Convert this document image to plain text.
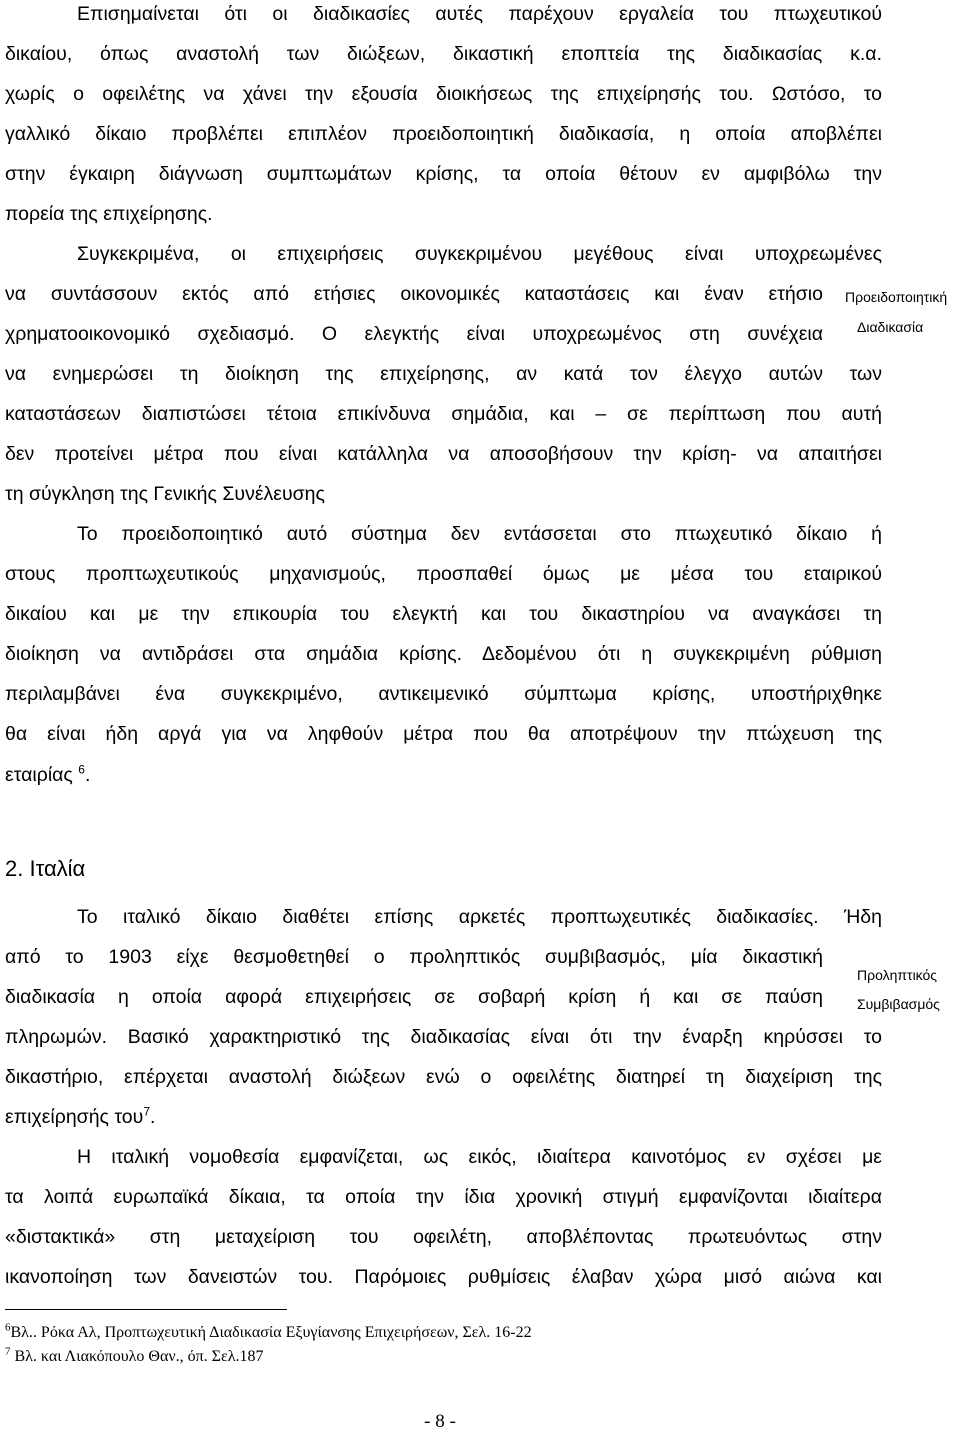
Επισημαίνεται ότι οι διαδικασίες αυτές παρέχουν εργαλεία του πτωχευτικού
δικαίου, όπως αναστολή των διώξεων, δικαστική εποπτεία της διαδικασίας κ.α.
χωρίς ο οφειλέτης να χάνει την εξουσία διοικήσεως της επιχείρησής του. Ωστόσο, το
γαλλικό δίκαιο προβλέπει επιπλέον προειδοποιητική διαδικασία, η οποία αποβλέπει
στην έγκαιρη διάγνωση συμπτωμάτων κρίσης, τα οποία θέτουν εν αμφιβόλω την
πορεία της επιχείρησης.
Συγκεκριμένα, οι επιχειρήσεις συγκεκριμένου μεγέθους είναι υποχρεωμένες
να συντάσσουν εκτός από ετήσιες οικονομικές καταστάσεις και έναν ετήσιο
χρηματοοικονομικό σχεδιασμό. Ο ελεγκτής είναι υποχρεωμένος στη συνέχεια
να ενημερώσει τη διοίκηση της επιχείρησης, αν κατά τον έλεγχο αυτών των
καταστάσεων διαπιστώσει τέτοια επικίνδυνα σημάδια, και – σε περίπτωση που αυτή
δεν προτείνει μέτρα που είναι κατάλληλα να αποσοβήσουν την κρίση- να απαιτήσει
τη σύγκληση της Γενικής Συνέλευσης
Προειδοποιητική
Διαδικασία
Το προειδοποιητικό αυτό σύστημα δεν εντάσσεται στο πτωχευτικό δίκαιο ή
στους προπτωχευτικούς μηχανισμούς, προσπαθεί όμως με μέσα του εταιρικού
δικαίου και με την επικουρία του ελεγκτή και του δικαστηρίου να αναγκάσει τη
διοίκηση να αντιδράσει στα σημάδια κρίσης. Δεδομένου ότι η συγκεκριμένη ρύθμιση
περιλαμβάνει ένα συγκεκριμένο, αντικειμενικό σύμπτωμα κρίσης, υποστήριχθηκε
θα είναι ήδη αργά για να ληφθούν μέτρα που θα αποτρέψουν την πτώχευση της
εταιρίας $^6$.
2. Ιταλία
Το ιταλικό δίκαιο διαθέτει επίσης αρκετές προπτωχευτικές διαδικασίες. Ήδη
από το 1903 είχε θεσμοθετηθεί ο προληπτικός συμβιβασμός, μία δικαστική
διαδικασία η οποία αφορά επιχειρήσεις σε σοβαρή κρίση ή και σε παύση
πληρωμών. Βασικό χαρακτηριστικό της διαδικασίας είναι ότι την έναρξη κηρύσσει το
δικαστήριο, επέρχεται αναστολή διώξεων ενώ ο οφειλέτης διατηρεί τη διαχείριση της
επιχείρησής του$^7$.
Προληπτικός
Συμβιβασμός
Η ιταλική νομοθεσία εμφανίζεται, ως εικός, ιδιαίτερα καινοτόμος εν σχέσει με
τα λοιπά ευρωπαϊκά δίκαια, τα οποία την ίδια χρονική στιγμή εμφανίζονται ιδιαίτερα
«διστακτικά» στη μεταχείριση του οφειλέτη, αποβλέποντας πρωτευόντως στην
ικανοποίηση των δανειστών του. Παρόμοιες ρυθμίσεις έλαβαν χώρα μισό αιώνα και
$^6$Βλ.. Ρόκα Αλ, Προπτωχευτική Διαδικασία Εξυγίανσης Επιχειρήσεων, Σελ. 16-22
$^7$ Βλ. και Λιακόπουλο Θαν., όπ. Σελ.187
- 8 -
